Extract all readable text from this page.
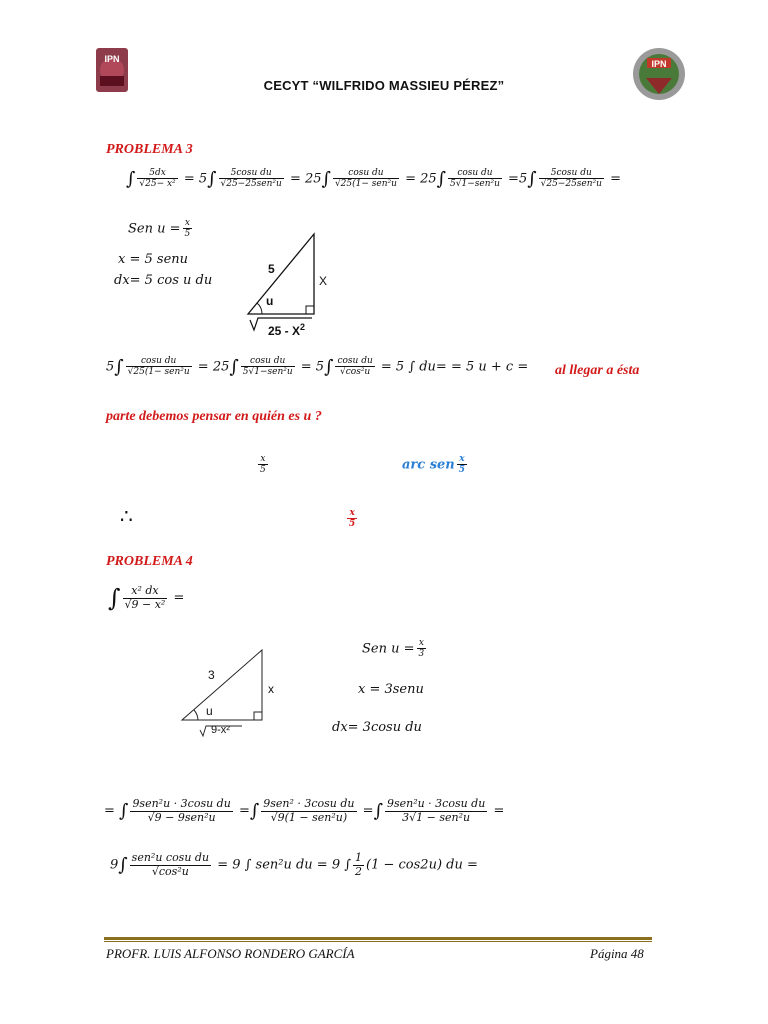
IPN
CECYT “WILFRIDO MASSIEU PÉREZ”
IPN
PROBLEMA 3
∫ $\frac{5dx}{\text{√25− x²}} = 5\int \frac{\text{5cosu du}}{\text{√25−25sen²u}} = 25\int \frac{\text{cosu du}}{\text{√25(1− sen²u}} = 25\int \frac{\text{cosu du}}{\text{5√1−sen²u}} =5\int \frac{\text{5cosu du}}{\text{√25−25sen²u}}$ =
Sen $u = \frac{x}{5}$
x = 5 senu
dx= 5 cos u du
5
X
u
$25 - X^2$
$5\int \frac{\text{cosu du}}{\text{√25(1− sen²u}} = 25\int \frac{\text{cosu du}}{\text{5√1−sen²u}} = 5\int \frac{\text{cosu du}}{\text{√cos²u}} = 5$ ∫ du= = 5 u + c = al llegar a ésta
parte debemos pensar en quién es u ?
$\frac{x}{5}$	arc sen $\frac{x}{5}$
∴	$\frac{x}{5}$
PROBLEMA 4
∫ $\frac{\text{x² dx}}{\text{√9 − x²}}$ =
3
x
u
9-x²
Sen $u = \frac{x}{3}$
x = 3senu
dx= 3cosu du
= ∫ $\frac{\text{9sen²u · 3cosu du}}{\text{√9 − 9sen²u}}$ =∫ $\frac{\text{9sen² · 3cosu du}}{\text{√9(1 − sen²u)}}$ =∫ $\frac{\text{9sen²u · 3cosu du}}{\text{3√1 − sen²u}}$ =
$9\int \frac{\text{sen²u cosu du}}{\text{√cos²u}} = 9$ ∫ sen²u du = 9 ∫ $\frac{1}{2} (1 - \cos 2u)$ du =
PROFR. LUIS ALFONSO RONDERO GARCÍA	Página 48
